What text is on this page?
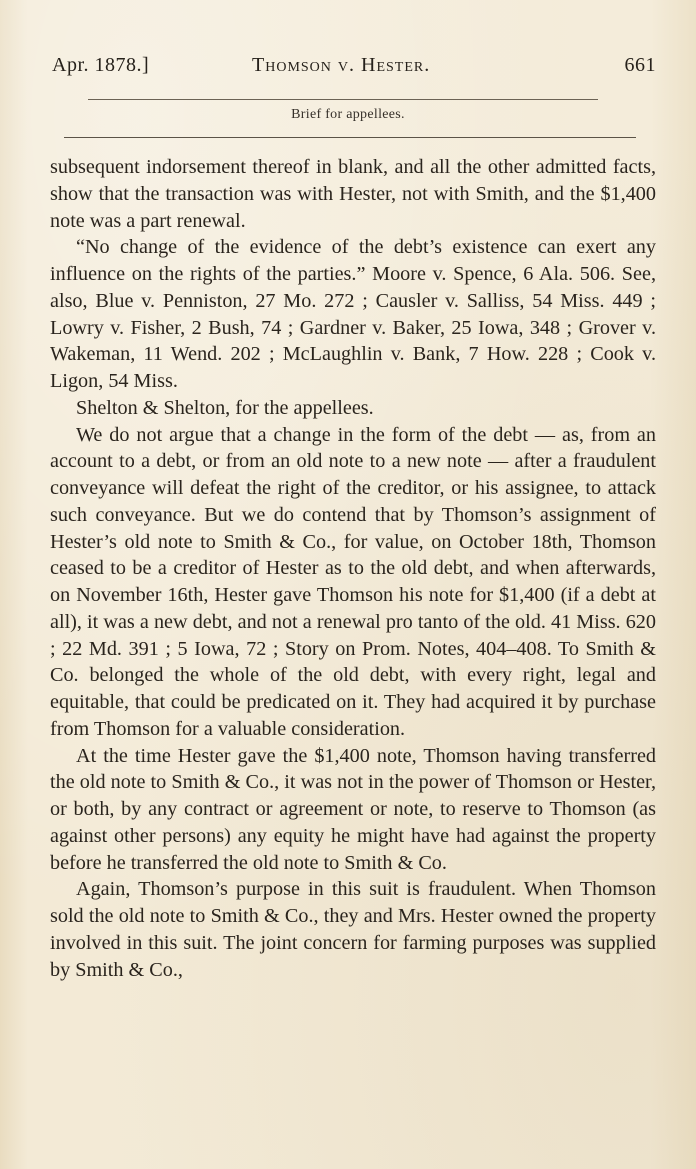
Apr. 1878.]	Thomson v. Hester.	661
Brief for appellees.

subsequent indorsement thereof in blank, and all the other admitted facts, show that the transaction was with Hester, not with Smith, and the $1,400 note was a part renewal.

“No change of the evidence of the debt’s existence can exert any influence on the rights of the parties.” Moore v. Spence, 6 Ala. 506. See, also, Blue v. Penniston, 27 Mo. 272 ; Causler v. Salliss, 54 Miss. 449 ; Lowry v. Fisher, 2 Bush, 74 ; Gardner v. Baker, 25 Iowa, 348 ; Grover v. Wakeman, 11 Wend. 202 ; McLaughlin v. Bank, 7 How. 228 ; Cook v. Ligon, 54 Miss.

Shelton & Shelton, for the appellees.

We do not argue that a change in the form of the debt — as, from an account to a debt, or from an old note to a new note — after a fraudulent conveyance will defeat the right of the creditor, or his assignee, to attack such conveyance. But we do contend that by Thomson’s assignment of Hester’s old note to Smith & Co., for value, on October 18th, Thomson ceased to be a creditor of Hester as to the old debt, and when afterwards, on November 16th, Hester gave Thomson his note for $1,400 (if a debt at all), it was a new debt, and not a renewal pro tanto of the old. 41 Miss. 620 ; 22 Md. 391 ; 5 Iowa, 72 ; Story on Prom. Notes, 404–408. To Smith & Co. belonged the whole of the old debt, with every right, legal and equitable, that could be predicated on it. They had acquired it by purchase from Thomson for a valuable consideration.

At the time Hester gave the $1,400 note, Thomson having transferred the old note to Smith & Co., it was not in the power of Thomson or Hester, or both, by any contract or agreement or note, to reserve to Thomson (as against other persons) any equity he might have had against the property before he transferred the old note to Smith & Co.

Again, Thomson’s purpose in this suit is fraudulent. When Thomson sold the old note to Smith & Co., they and Mrs. Hester owned the property involved in this suit. The joint concern for farming purposes was supplied by Smith & Co.,
